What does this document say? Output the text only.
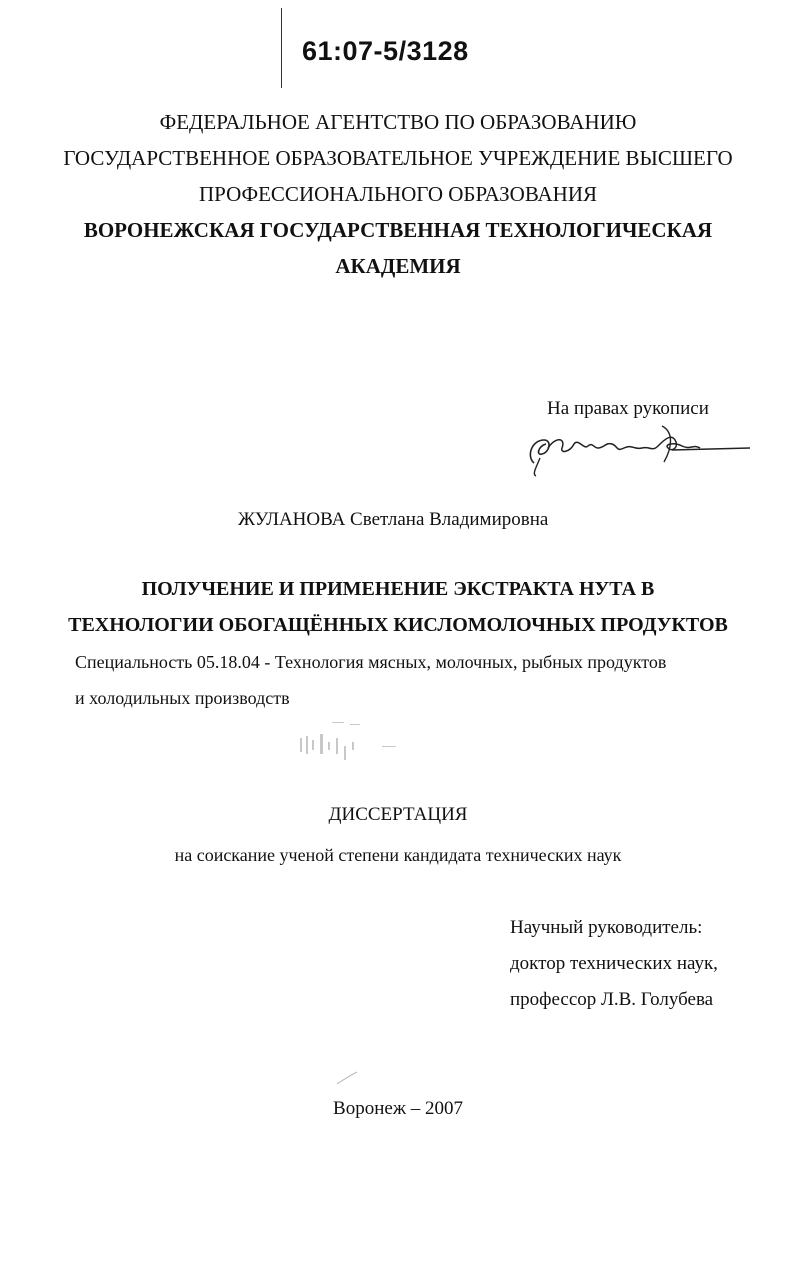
61:07-5/3128
ФЕДЕРАЛЬНОЕ АГЕНТСТВО ПО ОБРАЗОВАНИЮ
ГОСУДАРСТВЕННОЕ ОБРАЗОВАТЕЛЬНОЕ УЧРЕЖДЕНИЕ ВЫСШЕГО
ПРОФЕССИОНАЛЬНОГО ОБРАЗОВАНИЯ
ВОРОНЕЖСКАЯ ГОСУДАРСТВЕННАЯ ТЕХНОЛОГИЧЕСКАЯ
АКАДЕМИЯ
На правах рукописи
ЖУЛАНОВА Светлана Владимировна
ПОЛУЧЕНИЕ И ПРИМЕНЕНИЕ ЭКСТРАКТА НУТА В
ТЕХНОЛОГИИ ОБОГАЩЁННЫХ КИСЛОМОЛОЧНЫХ ПРОДУКТОВ
Специальность 05.18.04 - Технология мясных, молочных, рыбных продуктов
и холодильных производств
ДИССЕРТАЦИЯ
на соискание ученой степени кандидата технических наук
Научный руководитель:
доктор технических наук,
профессор Л.В. Голубева
Воронеж – 2007
